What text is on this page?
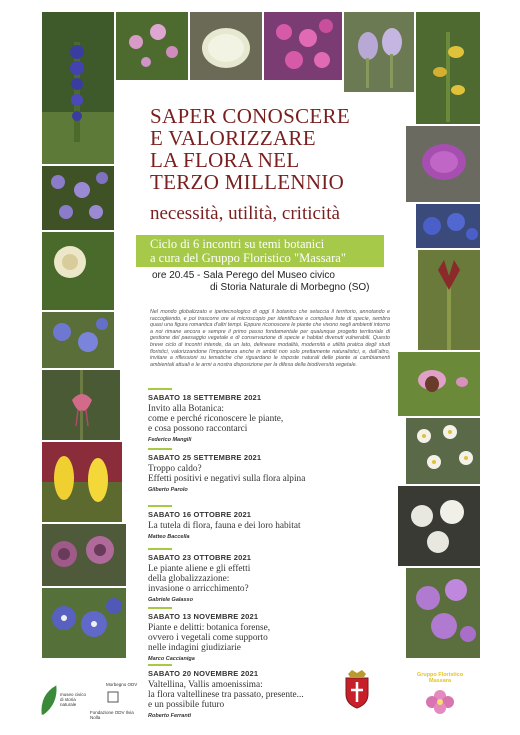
SAPER CONOSCERE
E VALORIZZARE
LA FLORA NEL
TERZO MILLENNIO
necessità, utilità, criticità
Ciclo di 6 incontri su temi botanici
a cura del Gruppo Floristico "Massara"
ore 20.45 - Sala Perego del Museo civico
di Storia Naturale di Morbegno (SO)
Nel mondo globalizzato e ipertecnologico di oggi il botanico che setaccia il territorio, annotando e raccogliendo, e poi trascorre ore al microscopio per identificare e compilare liste di specie, sembra quasi una figura romantica d'altri tempi. Eppure riconoscere le piante che vivono negli ambienti intorno a noi rimane ancora e sempre il primo passo fondamentale per qualunque progetto territoriale di gestione del paesaggio vegetale e di conservazione di specie e habitat divenuti vulnerabili. Questo breve ciclo di incontri intende, da un lato, delineare modalità, modernità e utilità pratica degli studi floristici, valorizzandone l'importanza anche in ambiti non solo prettamente naturalistici, e, dall'altro, invitare a riflessioni su tematiche che riguardano le risposte naturali delle piante ai cambiamenti ambientali attuali e le armi a nostra disposizione per la difesa della biodiversità vegetale.
SABATO 18 SETTEMBRE 2021
Invito alla Botanica:
come e perché riconoscere le piante,
e cosa possono raccontarci
Federico Mangili
SABATO 25 SETTEMBRE 2021
Troppo caldo?
Effetti positivi e negativi sulla flora alpina
Gilberto Parolo
SABATO 16 OTTOBRE 2021
La tutela di flora, fauna e dei loro habitat
Matteo Baccella
SABATO 23 OTTOBRE 2021
Le piante aliene e gli effetti
della globalizzazione:
invasione o arricchimento?
Gabriele Galasso
SABATO 13 NOVEMBRE 2021
Piante e delitti: botanica forense,
ovvero i vegetali come supporto
nelle indagini giudiziarie
Marco Caccianiga
SABATO 20 NOVEMBRE 2021
Valtellina, Vallis amoenissima:
la flora valtellinese tra passato, presente...
e un possibile futuro
Roberto Ferranti
museo civico di storia naturale
Morbegno ODV
Fondazione ODV Ilvia Nolla
Gruppo Floristico Massara
